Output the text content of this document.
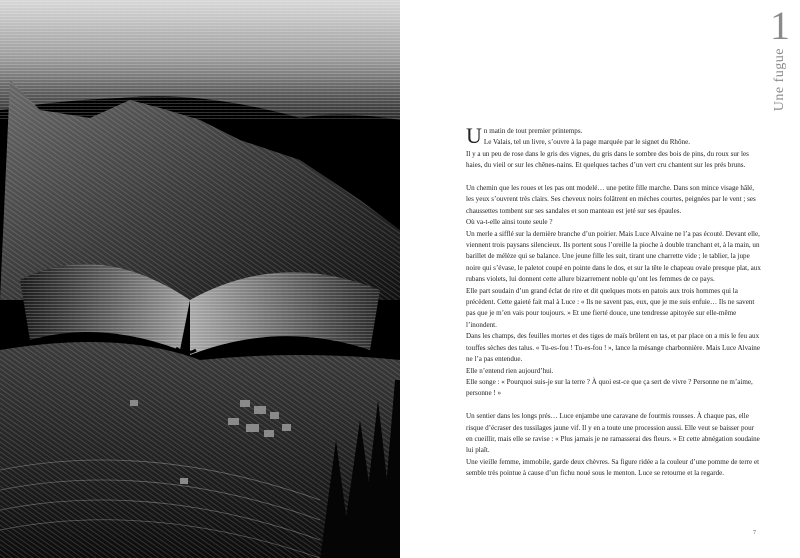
1
Une fugue
U n matin de tout premier printemps.

Le Valais, tel un livre, s’ouvre à la page marquée par le signet du Rhône.

Il y a un peu de rose dans le gris des vignes, du gris dans le sombre des bois de pins, du roux sur les haies, du vieil or sur les chênes-nains. Et quelques taches d’un vert cru chantent sur les prés bruns.

Un chemin que les roues et les pas ont modelé… une petite fille marche. Dans son mince visage hâlé, les yeux s’ouvrent très clairs. Ses cheveux noirs folâtrent en mèches courtes, peignées par le vent ; ses chaussettes tombent sur ses sandales et son manteau est jeté sur ses épaules.

Où va-t-elle ainsi toute seule ?

Un merle a sifflé sur la dernière branche d’un poirier. Mais Luce Alvaine ne l’a pas écouté. Devant elle, viennent trois paysans silencieux. Ils portent sous l’oreille la pioche à double tranchant et, à la main, un barillet de mélèze qui se balance. Une jeune fille les suit, tirant une charrette vide ; le tablier, la jupe noire qui s’évase, le paletot coupé en pointe dans le dos, et sur la tête le chapeau ovale presque plat, aux rubans violets, lui donnent cette allure bizarrement noble qu’ont les femmes de ce pays.

Elle part soudain d’un grand éclat de rire et dit quelques mots en patois aux trois hommes qui la précèdent. Cette gaieté fait mal à Luce : « Ils ne savent pas, eux, que je me suis enfuie… Ils ne savent pas que je m’en vais pour toujours. » Et une fierté douce, une tendresse apitoyée sur elle-même l’inondent.

Dans les champs, des feuilles mortes et des tiges de maïs brûlent en tas, et par place on a mis le feu aux touffes sèches des talus. « Tu-es-fou ! Tu-es-fou ! », lance la mésange charbonnière. Mais Luce Alvaine ne l’a pas entendue.

Elle n’entend rien aujourd’hui.

Elle songe : « Pourquoi suis-je sur la terre ? À quoi est-ce que ça sert de vivre ? Personne ne m’aime, personne ! »

Un sentier dans les longs prés… Luce enjambe une caravane de fourmis rousses. À chaque pas, elle risque d’écraser des tussilages jaune vif. Il y en a toute une procession aussi. Elle veut se baisser pour en cueillir, mais elle se ravise : « Plus jamais je ne ramasserai des fleurs. » Et cette abnégation soudaine lui plaît.

Une vieille femme, immobile, garde deux chèvres. Sa figure ridée a la couleur d’une pomme de terre et semble très pointue à cause d’un fichu noué sous le menton. Luce se retourne et la regarde.

7
